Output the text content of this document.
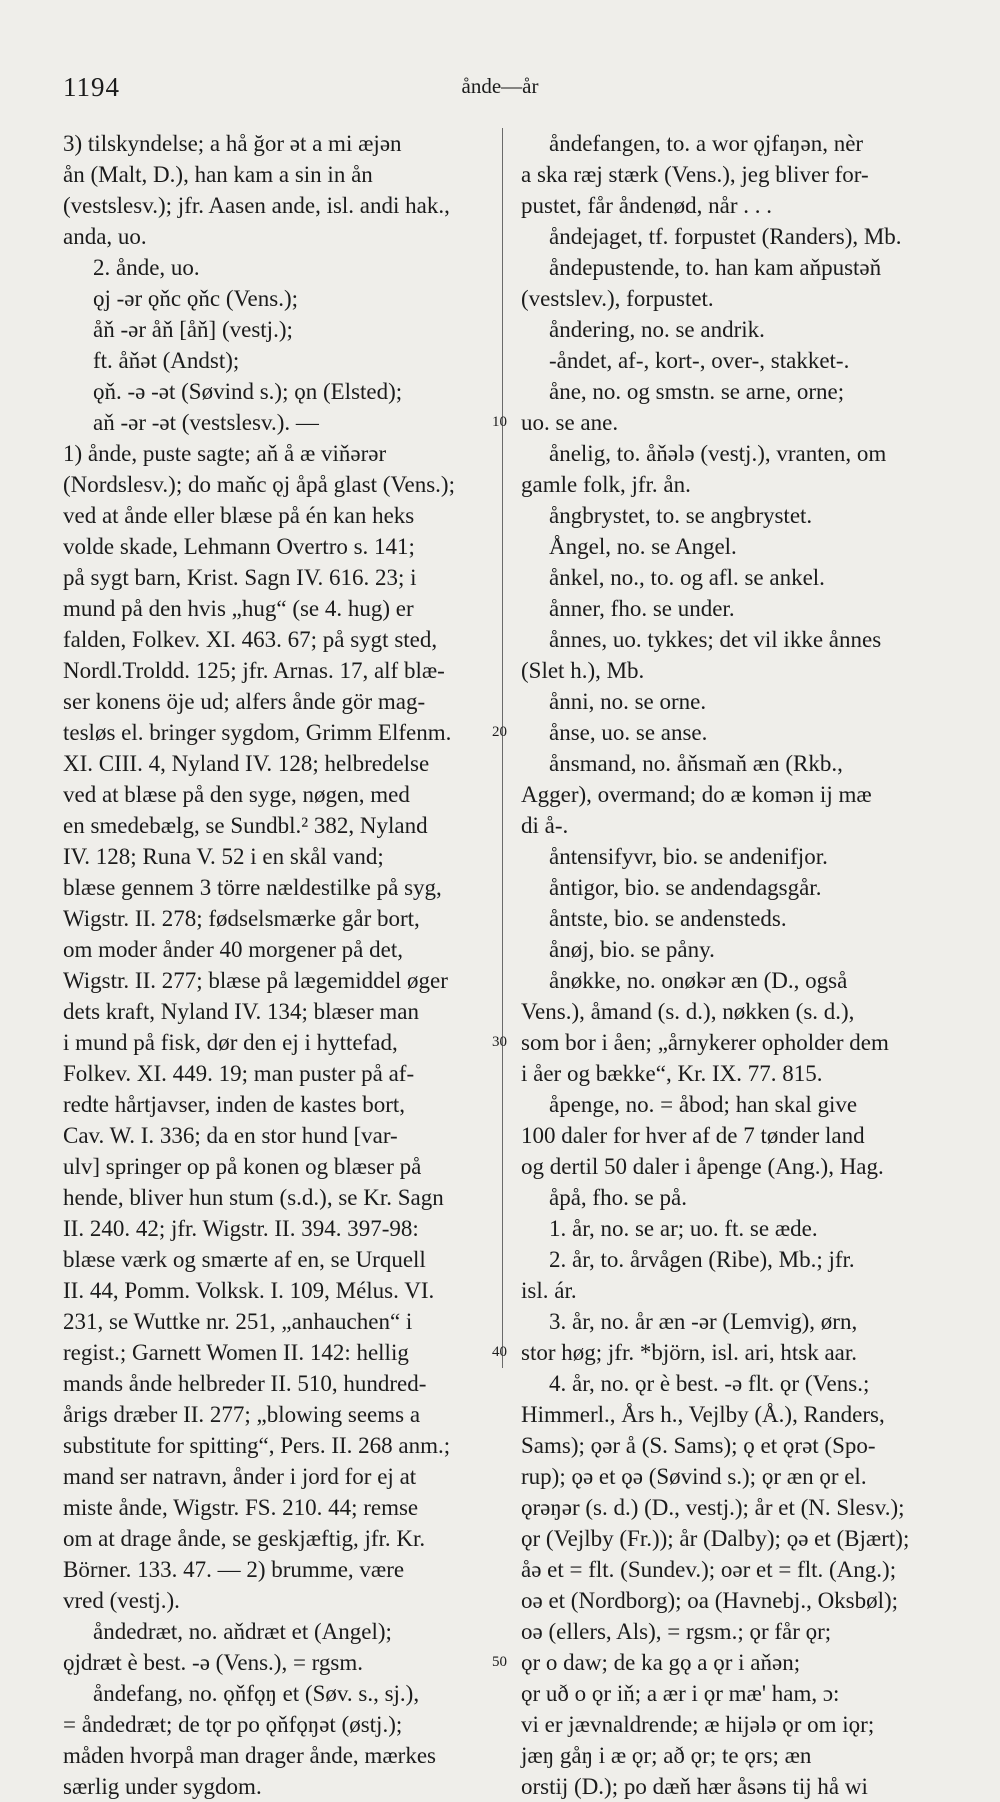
1194	ånde—år
3) tilskyndelse; a hå ğor ət a mi æjən
ån (Malt, D.), han kam a sin in ån
(vestslesv.); jfr. Aasen ande, isl. andi hak.,
anda, uo.
2. ånde, uo.
ǫj -ər ǫňc ǫňc (Vens.);
åň -ər åň [åň] (vestj.);
ft. åňət (Andst);
ǫň. -ə -ət (Søvind s.); ǫn (Elsted);
aň -ər -ət (vestslesv.). —
1) ånde, puste sagte; aň å æ viňərər
(Nordslesv.); do maňc ǫj åpå glast (Vens.);
ved at ånde eller blæse på én kan heks
volde skade, Lehmann Overtro s. 141;
på sygt barn, Krist. Sagn IV. 616. 23; i
mund på den hvis „hug“ (se 4. hug) er
falden, Folkev. XI. 463. 67; på sygt sted,
Nordl.Troldd. 125; jfr. Arnas. 17, alf blæ-
ser konens öje ud; alfers ånde gör mag-
tesløs el. bringer sygdom, Grimm Elfenm.
XI. CIII. 4, Nyland IV. 128; helbredelse
ved at blæse på den syge, nøgen, med
en smedebælg, se Sundbl.² 382, Nyland
IV. 128; Runa V. 52 i en skål vand;
blæse gennem 3 törre nældestilke på syg,
Wigstr. II. 278; fødselsmærke går bort,
om moder ånder 40 morgener på det,
Wigstr. II. 277; blæse på lægemiddel øger
dets kraft, Nyland IV. 134; blæser man
i mund på fisk, dør den ej i hyttefad,
Folkev. XI. 449. 19; man puster på af-
redte hårtjavser, inden de kastes bort,
Cav. W. I. 336; da en stor hund [var-
ulv] springer op på konen og blæser på
hende, bliver hun stum (s.d.), se Kr. Sagn
II. 240. 42; jfr. Wigstr. II. 394. 397-98:
blæse værk og smærte af en, se Urquell
II. 44, Pomm. Volksk. I. 109, Mélus. VI.
231, se Wuttke nr. 251, „anhauchen“ i
regist.; Garnett Women II. 142: hellig
mands ånde helbreder II. 510, hundred-
årigs dræber II. 277; „blowing seems a
substitute for spitting“, Pers. II. 268 anm.;
mand ser natravn, ånder i jord for ej at
miste ånde, Wigstr. FS. 210. 44; remse
om at drage ånde, se geskjæftig, jfr. Kr.
Börner. 133. 47. — 2) brumme, være
vred (vestj.).
åndedræt, no. aňdræt et (Angel);
ǫjdræt è best. -ə (Vens.), = rgsm.
åndefang, no. ǫňfǫŋ et (Søv. s., sj.),
= åndedræt; de tǫr po ǫňfǫŋət (østj.);
måden hvorpå man drager ånde, mærkes
særlig under sygdom.
åndefangen, to. a wor ǫjfaŋən, nèr
a ska ræj stærk (Vens.), jeg bliver for-
pustet, får åndenød, når . . .
åndejaget, tf. forpustet (Randers), Mb.
åndepustende, to. han kam aňpustəň
(vestslev.), forpustet.
åndering, no. se andrik.
-åndet, af-, kort-, over-, stakket-.
åne, no. og smstn. se arne, orne;
uo. se ane.
10
ånelig, to. åňələ (vestj.), vranten, om
gamle folk, jfr. ån.
ångbrystet, to. se angbrystet.
Ångel, no. se Angel.
ånkel, no., to. og afl. se ankel.
ånner, fho. se under.
ånnes, uo. tykkes; det vil ikke ånnes
(Slet h.), Mb.
ånni, no. se orne.
ånse, uo. se anse.
20
ånsmand, no. åňsmaň æn (Rkb.,
Agger), overmand; do æ komən ij mæ
di å-.
åntensifyvr, bio. se andenifjor.
åntigor, bio. se andendagsgår.
åntste, bio. se andensteds.
ånøj, bio. se påny.
ånøkke, no. onøkər æn (D., også
Vens.), åmand (s. d.), nøkken (s. d.),
som bor i åen; „årnykerer opholder dem
30
i åer og bække“, Kr. IX. 77. 815.
åpenge, no. = åbod; han skal give
100 daler for hver af de 7 tønder land
og dertil 50 daler i åpenge (Ang.), Hag.
åpå, fho. se på.
1. år, no. se ar; uo. ft. se æde.
2. år, to. årvågen (Ribe), Mb.; jfr.
isl. ár.
3. år, no. år æn -ər (Lemvig), ørn,
stor høg; jfr. *björn, isl. ari, htsk aar.
40
4. år, no. ǫr è best. -ə flt. ǫr (Vens.;
Himmerl., Års h., Vejlby (Å.), Randers,
Sams); ǫər å (S. Sams); ǫ et ǫrət (Spo-
rup); ǫə et ǫə (Søvind s.); ǫr æn ǫr el.
ǫrəŋər (s. d.) (D., vestj.); år et (N. Slesv.);
ǫr (Vejlby (Fr.)); år (Dalby); ǫə et (Bjært);
åə et = flt. (Sundev.); oər et = flt. (Ang.);
oə et (Nordborg); oa (Havnebj., Oksbøl);
oə (ellers, Als), = rgsm.; ǫr får ǫr;
ǫr o daw; de ka gǫ a ǫr i aňən;
50
ǫr uð o ǫr iň; a ær i ǫr mæ' ham, ɔ:
vi er jævnaldrende; æ hijələ ǫr om iǫr;
jæŋ gåŋ i æ ǫr; að ǫr; te ǫrs; æn
orstij (D.); po dæň hær åsəns tij hå wi
